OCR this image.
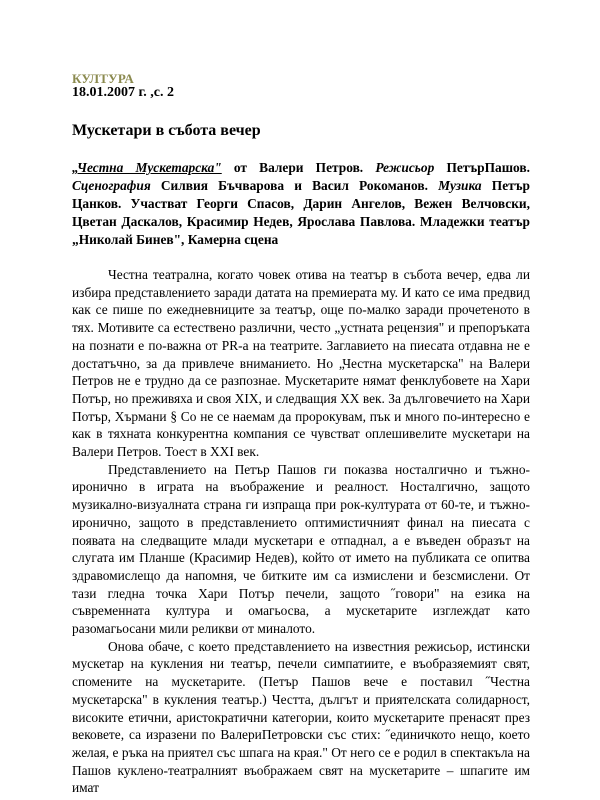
КУЛТУРА
18.01.2007 г. ,с. 2
Мускетари в събота вечер
„Честна Мускетарска" от Валери Петров. Режисьор ПетърПашов. Сценография Силвия Бъчварова и Васил Рокоманов. Музика Петър Цанков. Участват Георги Спасов, Дарин Ангелов, Вежен Велчовски, Цветан Даскалов, Красимир Недев, Ярослава Павлова. Младежки театър „Николай Бинев", Камерна сцена

Честна театрална, когато човек отива на театър в събота вечер, едва ли избира представлението заради датата на премиерата му. И като се има предвид как се пише по ежедневниците за театър, още по-малко заради прочетеното в тях. Мотивите са естествено различни, често „устната рецензия" и препоръката на познати е по-важна от PR-а на театрите. Заглавието на пиесата отдавна не е достатъчно, за да привлече вниманието. Но „Честна мускетарска" на Валери Петров не е трудно да се разпознае. Мускетарите нямат фенклубовете на Хари Потър, но преживяха и своя XIX, и следващия XX век. За дълговечието на Хари Потър, Хърмани § Со не се наемам да пророкувам, пък и много по-интересно е как в тяхната конкурентна компания се чувстват оплешивелите мускетари на Валери Петров. Тоест в XXI век.

Представлението на Петър Пашов ги показва носталгично и тъжно-иронично в играта на въображение и реалност. Носталгично, защото музикално-визуалната страна ги изпраща при рок-културата от 60-те, и тъжно-иронично, защото в представлението оптимистичният финал на пиесата с появата на следващите млади мускетари е отпаднал, а е въведен образът на слугата им Планше (Красимир Недев), който от името на публиката се опитва здравомислещо да напомня, че битките им са измислени и безсмислени. От тази гледна точка Хари Потър печели, защото ˝говори" на езика на съвременната култура и омагьосва, а мускетарите изглеждат като разомагьосани мили реликви от миналото.

Онова обаче, с което представлението на известния режисьор, истински мускетар на кукления ни театър, печели симпатиите, е въобразяемият свят, споменитe на мускетарите. (Петър Пашов вече е поставил ˝Честна мускетарска" в кукления театър.) Честта, дългът и приятелската солидарност, високите етични, аристократични категории, които мускетарите пренасят през вековете, са изразени по ВалериПетровски със стих: ˝единичкото нещо, което желая, е ръка на приятел със шпага на края." От него се е родил в спектакъла на Пашов кукленo-театралният въображаем свят на мускетарите – шпагите им имат
